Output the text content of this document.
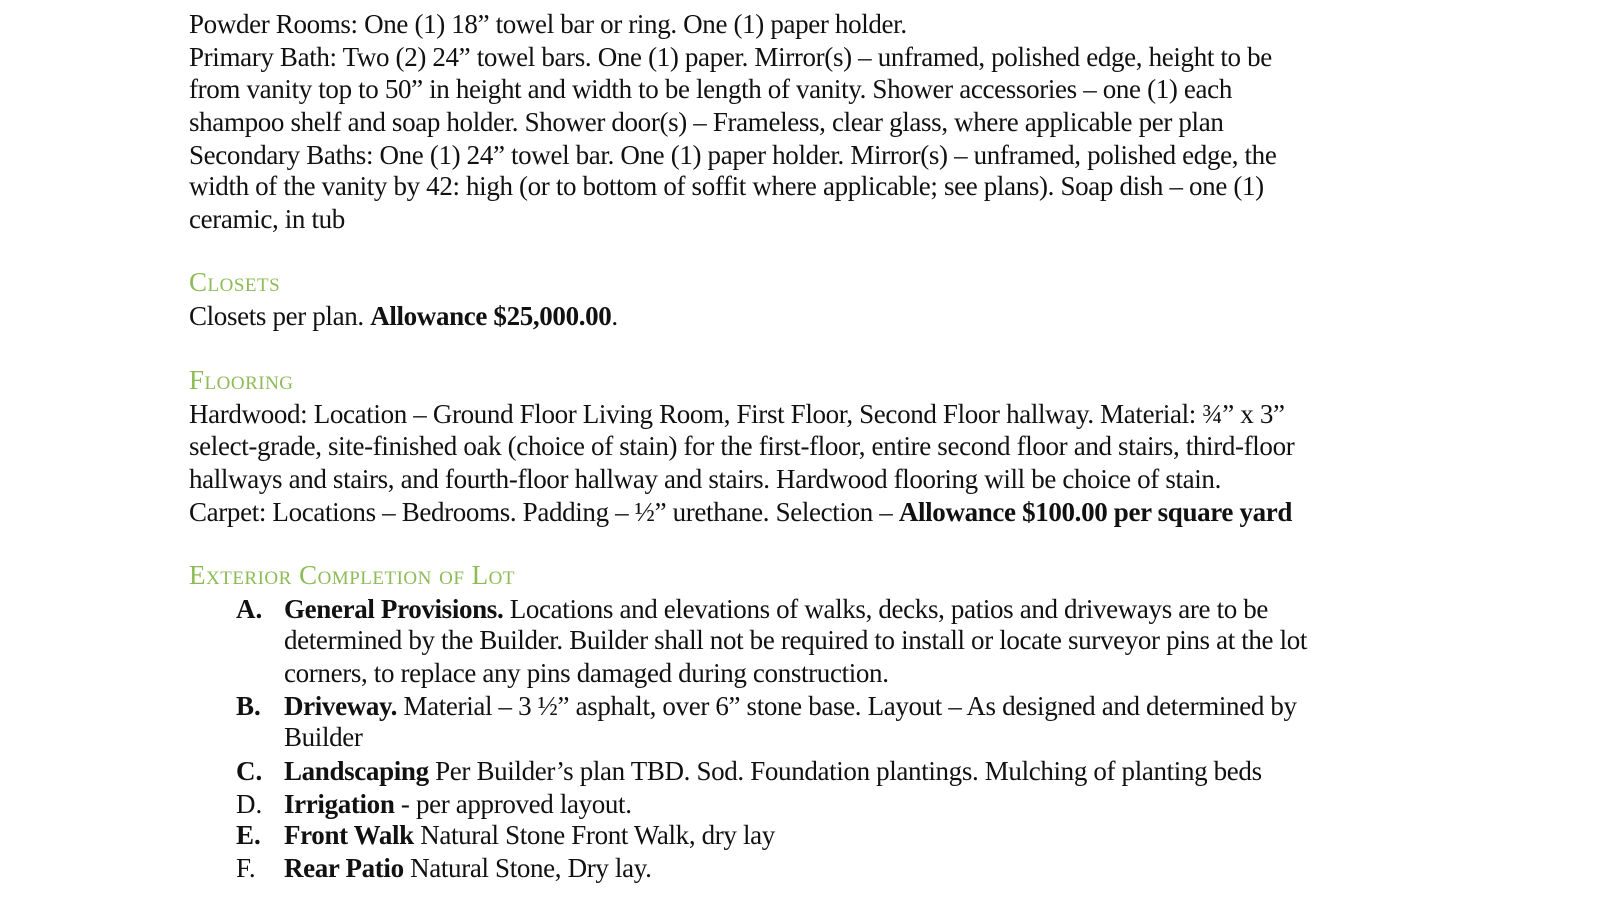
Powder Rooms: One (1) 18” towel bar or ring. One (1) paper holder.
Primary Bath: Two (2) 24” towel bars. One (1) paper. Mirror(s) – unframed, polished edge, height to be
from vanity top to 50” in height and width to be length of vanity. Shower accessories – one (1) each
shampoo shelf and soap holder. Shower door(s) – Frameless, clear glass, where applicable per plan
Secondary Baths: One (1) 24” towel bar. One (1) paper holder. Mirror(s) – unframed, polished edge, the
width of the vanity by 42: high (or to bottom of soffit where applicable; see plans). Soap dish – one (1)
ceramic, in tub
Closets
Closets per plan. Allowance $25,000.00.
Flooring
Hardwood: Location – Ground Floor Living Room, First Floor, Second Floor hallway. Material: ¾” x 3”
select-grade, site-finished oak (choice of stain) for the first-floor, entire second floor and stairs, third-floor
hallways and stairs, and fourth-floor hallway and stairs. Hardwood flooring will be choice of stain.
Carpet: Locations – Bedrooms. Padding – ½” urethane. Selection – Allowance $100.00 per square yard
Exterior Completion of Lot
A. General Provisions. Locations and elevations of walks, decks, patios and driveways are to be
determined by the Builder. Builder shall not be required to install or locate surveyor pins at the lot
corners, to replace any pins damaged during construction.
B. Driveway. Material – 3 ½” asphalt, over 6” stone base. Layout – As designed and determined by
Builder
C. Landscaping Per Builder’s plan TBD. Sod. Foundation plantings. Mulching of planting beds
D. Irrigation - per approved layout.
E. Front Walk Natural Stone Front Walk, dry lay
F. Rear Patio Natural Stone, Dry lay.
